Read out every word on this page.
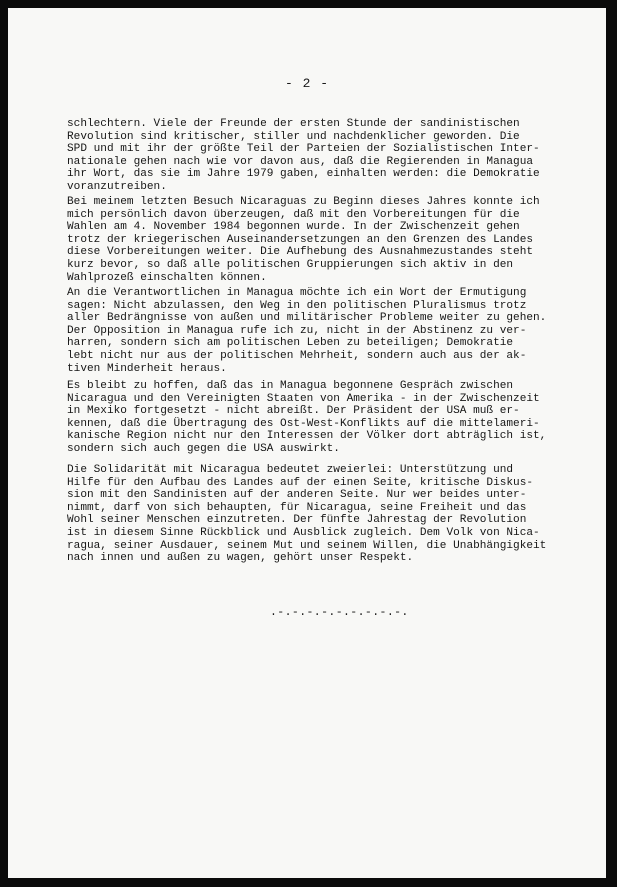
- 2 -

schlechtern. Viele der Freunde der ersten Stunde der sandinistischen
Revolution sind kritischer, stiller und nachdenklicher geworden. Die
SPD und mit ihr der größte Teil der Parteien der Sozialistischen Inter-
nationale gehen nach wie vor davon aus, daß die Regierenden in Managua
ihr Wort, das sie im Jahre 1979 gaben, einhalten werden: die Demokratie
voranzutreiben.

Bei meinem letzten Besuch Nicaraguas zu Beginn dieses Jahres konnte ich
mich persönlich davon überzeugen, daß mit den Vorbereitungen für die
Wahlen am 4. November 1984 begonnen wurde. In der Zwischenzeit gehen
trotz der kriegerischen Auseinandersetzungen an den Grenzen des Landes
diese Vorbereitungen weiter. Die Aufhebung des Ausnahmezustandes steht
kurz bevor, so daß alle politischen Gruppierungen sich aktiv in den
Wahlprozeß einschalten können.

An die Verantwortlichen in Managua möchte ich ein Wort der Ermutigung
sagen: Nicht abzulassen, den Weg in den politischen Pluralismus trotz
aller Bedrängnisse von außen und militärischer Probleme weiter zu gehen.
Der Opposition in Managua rufe ich zu, nicht in der Abstinenz zu ver-
harren, sondern sich am politischen Leben zu beteiligen; Demokratie
lebt nicht nur aus der politischen Mehrheit, sondern auch aus der ak-
tiven Minderheit heraus.

Es bleibt zu hoffen, daß das in Managua begonnene Gespräch zwischen
Nicaragua und den Vereinigten Staaten von Amerika - in der Zwischenzeit
in Mexiko fortgesetzt - nicht abreißt. Der Präsident der USA muß er-
kennen, daß die Übertragung des Ost-West-Konflikts auf die mittelameri-
kanische Region nicht nur den Interessen der Völker dort abträglich ist,
sondern sich auch gegen die USA auswirkt.

Die Solidarität mit Nicaragua bedeutet zweierlei: Unterstützung und
Hilfe für den Aufbau des Landes auf der einen Seite, kritische Diskus-
sion mit den Sandinisten auf der anderen Seite. Nur wer beides unter-
nimmt, darf von sich behaupten, für Nicaragua, seine Freiheit und das
Wohl seiner Menschen einzutreten. Der fünfte Jahrestag der Revolution
ist in diesem Sinne Rückblick und Ausblick zugleich. Dem Volk von Nica-
ragua, seiner Ausdauer, seinem Mut und seinem Willen, die Unabhängigkeit
nach innen und außen zu wagen, gehört unser Respekt.

.-.-.-.-.-.-.-.-.-.
